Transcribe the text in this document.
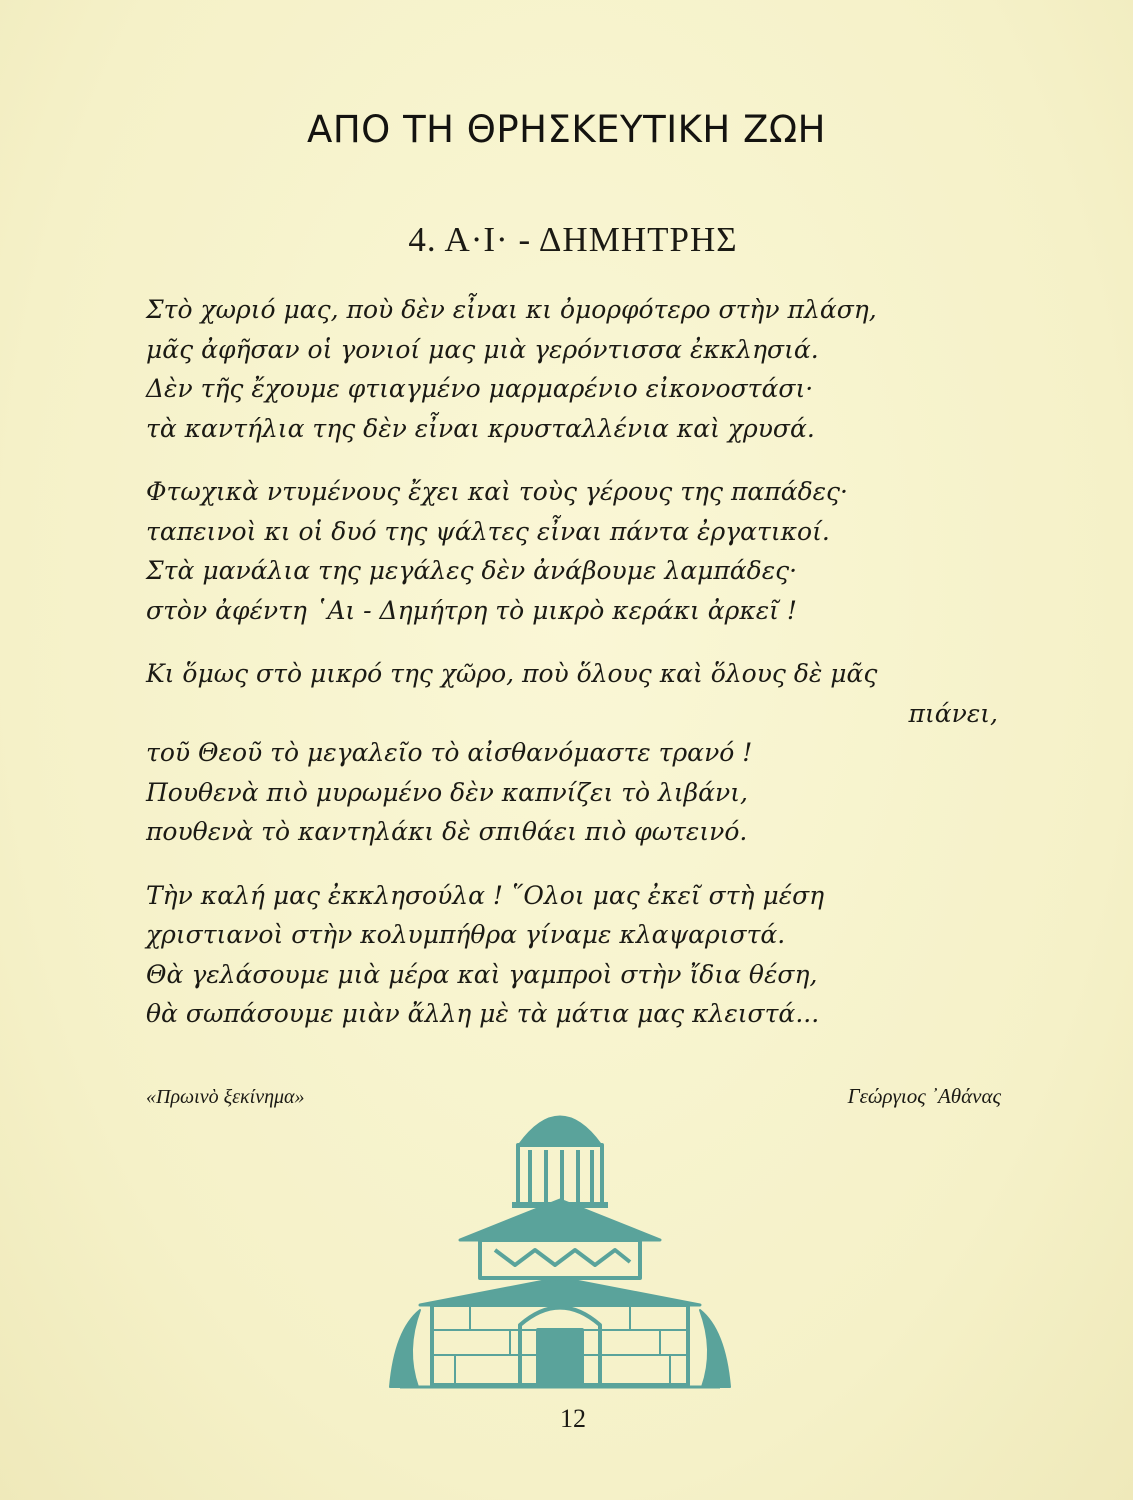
ΑΠΟ ΤΗ ΘΡΗΣΚΕΥΤΙΚΗ ΖΩΗ
4. Α·Ι· - ΔΗΜΗΤΡΗΣ
Στὸ χωριό μας, ποὺ δὲν εἶναι κι ὀμορφότερο στὴν πλάση,
μᾶς ἀφῆσαν οἱ γονιοί μας μιὰ γερόντισσα ἐκκλησιά.
Δὲν τῆς ἔχουμε φτιαγμένο μαρμαρένιο εἰκονοστάσι·
τὰ καντήλια της δὲν εἶναι κρυσταλλένια καὶ χρυσά.
Φτωχικὰ ντυμένους ἔχει καὶ τοὺς γέρους της παπάδες·
ταπεινοὶ κι οἱ δυό της ψάλτες εἶναι πάντα ἐργατικοί.
Στὰ μανάλια της μεγάλες δὲν ἀνάβουμε λαμπάδες·
στὸν ἀφέντη ῾Αι - Δημήτρη τὸ μικρὸ κεράκι ἀρκεῖ !
Κι ὅμως στὸ μικρό της χῶρο, ποὺ ὅλους καὶ ὅλους δὲ μᾶς
πιάνει,
τοῦ Θεοῦ τὸ μεγαλεῖο τὸ αἰσθανόμαστε τρανό !
Πουθενὰ πιὸ μυρωμένο δὲν καπνίζει τὸ λιβάνι,
πουθενὰ τὸ καντηλάκι δὲ σπιθάει πιὸ φωτεινό.
Τὴν καλή μας ἐκκλησούλα ! ῞Ολοι μας ἐκεῖ στὴ μέση
χριστιανοὶ στὴν κολυμπήθρα γίναμε κλαψαριστά.
Θὰ γελάσουμε μιὰ μέρα καὶ γαμπροὶ στὴν ἴδια θέση,
θὰ σωπάσουμε μιὰν ἄλλη μὲ τὰ μάτια μας κλειστά...
«Πρωινὸ ξεκίνημα»	Γεώργιος ᾿Αθάνας
12
